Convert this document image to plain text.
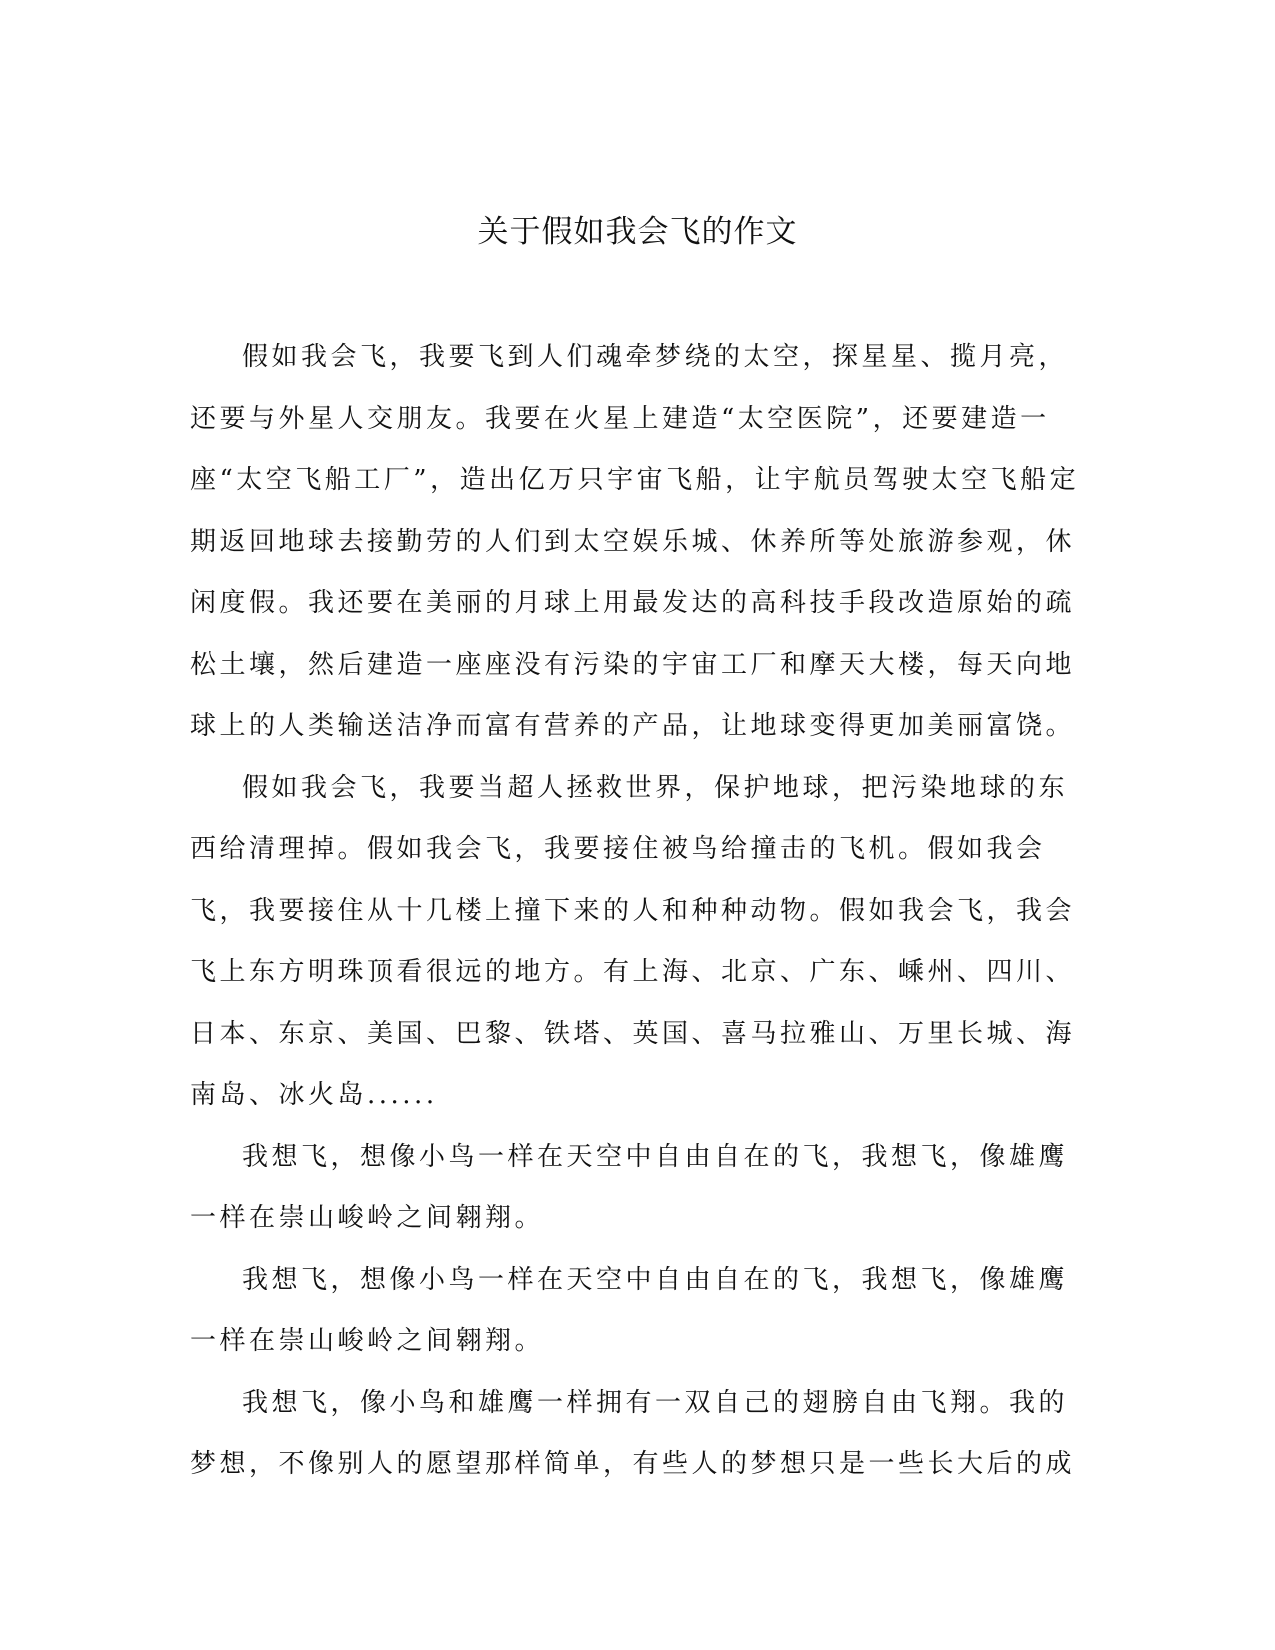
关于假如我会飞的作文

假如我会飞，我要飞到人们魂牵梦绕的太空，探星星、揽月亮，还要与外星人交朋友。我要在火星上建造“太空医院”，还要建造一座“太空飞船工厂”，造出亿万只宇宙飞船，让宇航员驾驶太空飞船定期返回地球去接勤劳的人们到太空娱乐城、休养所等处旅游参观，休闲度假。我还要在美丽的月球上用最发达的高科技手段改造原始的疏松土壤，然后建造一座座没有污染的宇宙工厂和摩天大楼，每天向地球上的人类输送洁净而富有营养的产品，让地球变得更加美丽富饶。

假如我会飞，我要当超人拯救世界，保护地球，把污染地球的东西给清理掉。假如我会飞，我要接住被鸟给撞击的飞机。假如我会飞，我要接住从十几楼上撞下来的人和种种动物。假如我会飞，我会飞上东方明珠顶看很远的地方。有上海、北京、广东、嵊州、四川、日本、东京、美国、巴黎、铁塔、英国、喜马拉雅山、万里长城、海南岛、冰火岛......

我想飞，想像小鸟一样在天空中自由自在的飞，我想飞，像雄鹰一样在崇山峻岭之间翱翔。

我想飞，想像小鸟一样在天空中自由自在的飞，我想飞，像雄鹰一样在崇山峻岭之间翱翔。

我想飞，像小鸟和雄鹰一样拥有一双自己的翅膀自由飞翔。我的梦想，不像别人的愿望那样简单，有些人的梦想只是一些长大后的成
